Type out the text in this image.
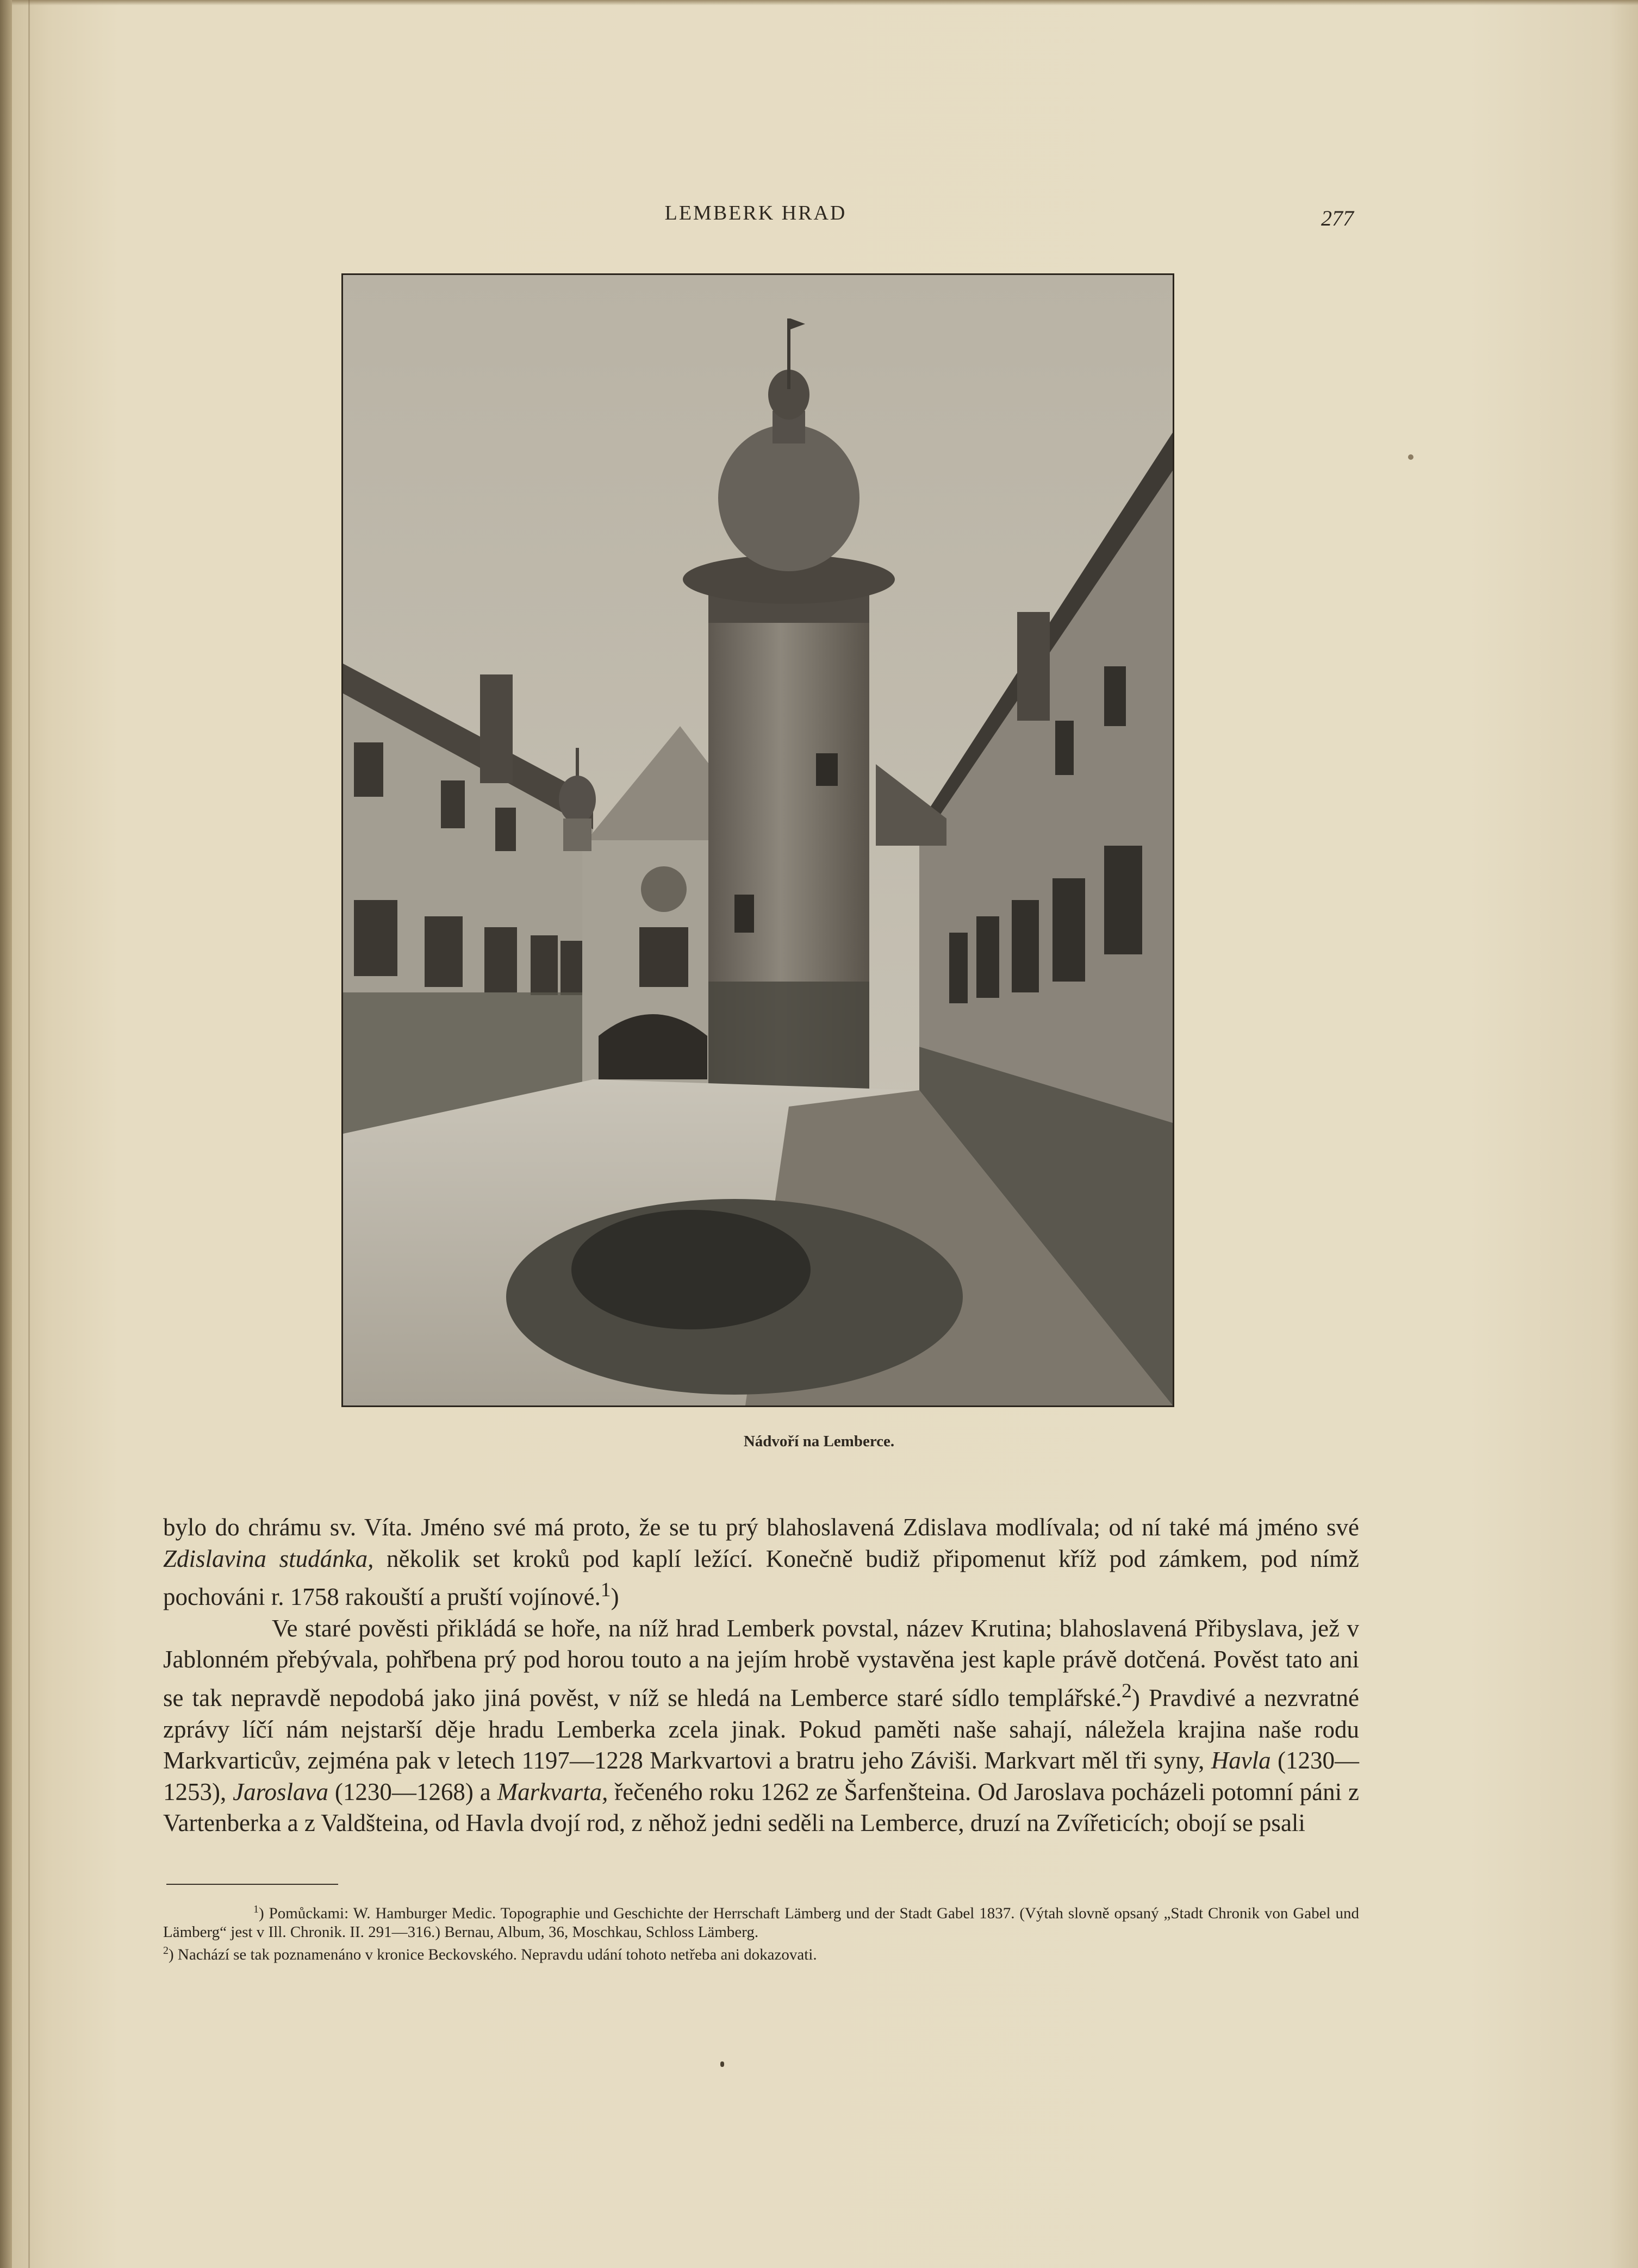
LEMBERK HRAD	277
Nádvoří na Lemberce.

bylo do chrámu sv. Víta. Jméno své má proto, že se tu prý blahoslavená Zdislava modlívala; od ní také má jméno své Zdislavina studánka, několik set kroků pod kaplí ležící. Konečně budiž připomenut kříž pod zámkem, pod nímž pochováni r. 1758 rakouští a pruští vojínové.$^1$)

Ve staré pověsti přikládá se hoře, na níž hrad Lemberk povstal, název Krutina; blahoslavená Přibyslava, jež v Jablonném přebývala, pohřbena prý pod horou touto a na jejím hrobě vystavěna jest kaple právě dotčená. Pověst tato ani se tak nepravdě nepodobá jako jiná pověst, v níž se hledá na Lemberce staré sídlo templářské.$^2$) Pravdivé a nezvratné zprávy líčí nám nejstarší děje hradu Lemberka zcela jinak. Pokud paměti naše sahají, náležela krajina naše rodu Markvarticův, zejména pak v letech 1197—1228 Markvartovi a bratru jeho Záviši. Markvart měl tři syny, Havla (1230—1253), Jaroslava (1230—1268) a Markvarta, řečeného roku 1262 ze Šarfenšteina. Od Jaroslava pocházeli potomní páni z Vartenberka a z Valdšteina, od Havla dvojí rod, z něhož jedni seděli na Lemberce, druzí na Zvířeticích; obojí se psali

$^1$) Pomůckami: W. Hamburger Medic. Topographie und Geschichte der Herrschaft Lämberg und der Stadt Gabel 1837. (Výtah slovně opsaný „Stadt Chronik von Gabel und Lämberg“ jest v Ill. Chronik. II. 291—316.) Bernau, Album, 36, Moschkau, Schloss Lämberg.

$^2$) Nachází se tak poznamenáno v kronice Beckovského. Nepravdu udání tohoto netřeba ani dokazovati.
